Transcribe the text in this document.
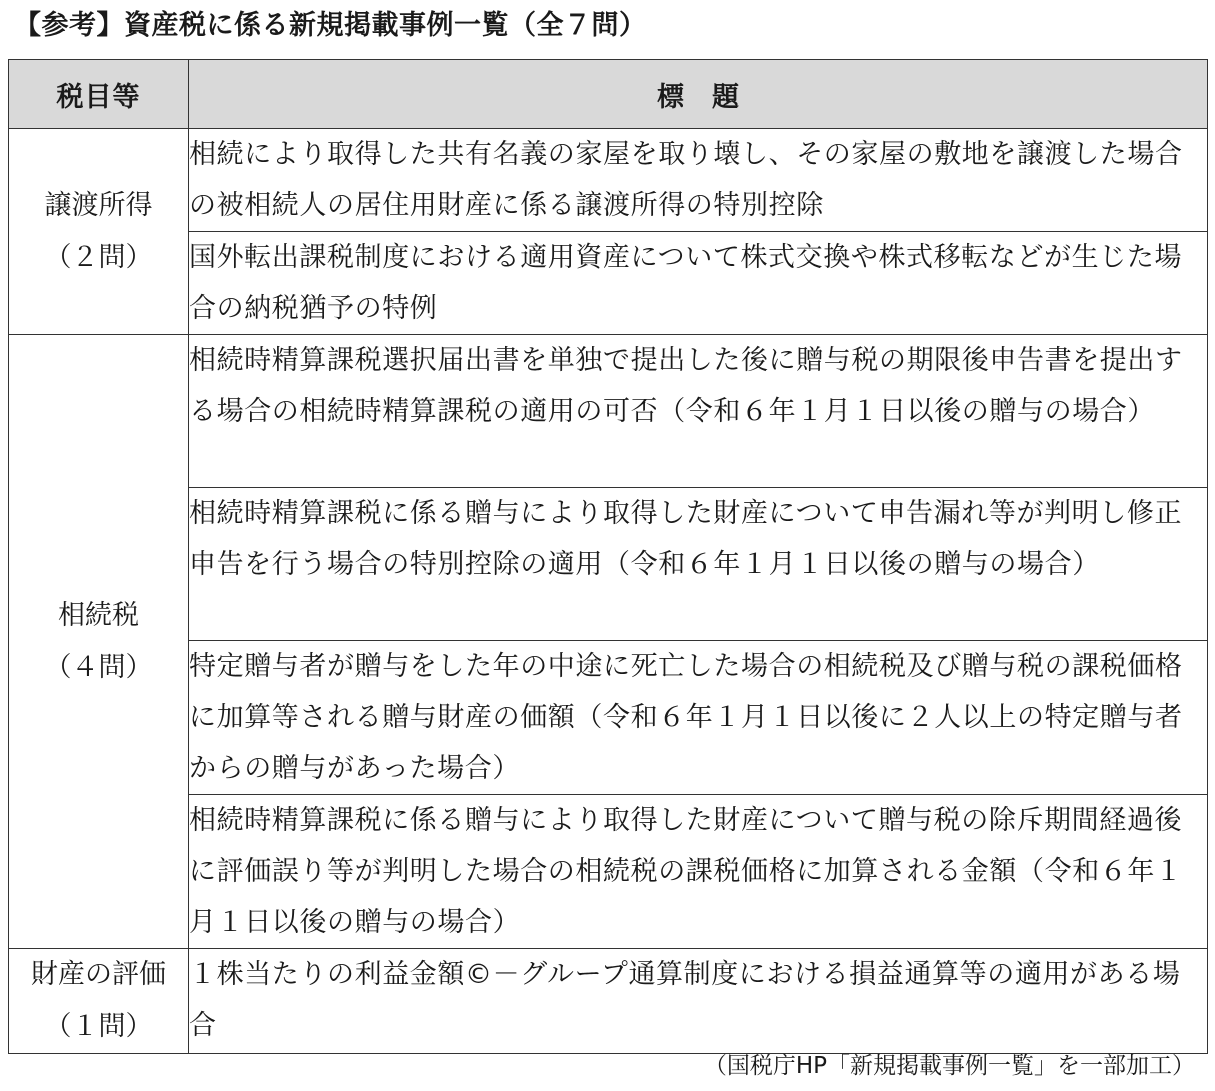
【参考】資産税に係る新規掲載事例一覧（全７問）
税目等	標題

譲渡所得
（２問）	相続により取得した共有名義の家屋を取り壊し、その家屋の敷地を譲渡した場合の被相続人の居住用財産に係る譲渡所得の特別控除
	国外転出課税制度における適用資産について株式交換や株式移転などが生じた場合の納税猶予の特例

相続税
（４問）	相続時精算課税選択届出書を単独で提出した後に贈与税の期限後申告書を提出する場合の相続時精算課税の適用の可否（令和６年１月１日以後の贈与の場合）
	相続時精算課税に係る贈与により取得した財産について申告漏れ等が判明し修正申告を行う場合の特別控除の適用（令和６年１月１日以後の贈与の場合）
	特定贈与者が贈与をした年の中途に死亡した場合の相続税及び贈与税の課税価格に加算等される贈与財産の価額（令和６年１月１日以後に２人以上の特定贈与者からの贈与があった場合）
	相続時精算課税に係る贈与により取得した財産について贈与税の除斥期間経過後に評価誤り等が判明した場合の相続税の課税価格に加算される金額（令和６年１月１日以後の贈与の場合）

財産の評価
（１問）	１株当たりの利益金額©－グループ通算制度における損益通算等の適用がある場合
（国税庁HP「新規掲載事例一覧」を一部加工）
